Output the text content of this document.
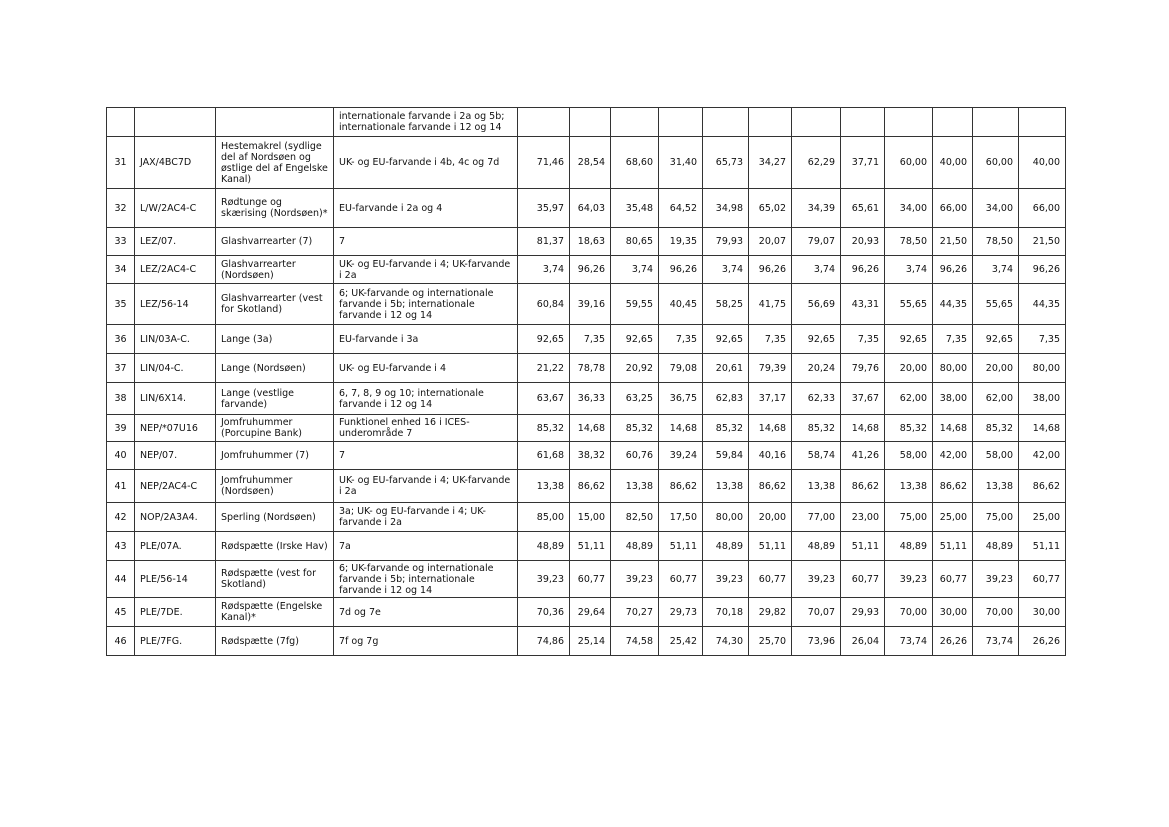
			internationale farvande i 2a og 5b; internationale farvande i 12 og 14												
31	JAX/4BC7D	Hestemakrel (sydlige del af Nordsøen og østlige del af Engelske Kanal)	UK- og EU-farvande i 4b, 4c og 7d	71,46	28,54	68,60	31,40	65,73	34,27	62,29	37,71	60,00	40,00	60,00	40,00
32	L/W/2AC4-C	Rødtunge og skærising (Nordsøen)*	EU-farvande i 2a og 4	35,97	64,03	35,48	64,52	34,98	65,02	34,39	65,61	34,00	66,00	34,00	66,00
33	LEZ/07.	Glashvarrearter (7)	7	81,37	18,63	80,65	19,35	79,93	20,07	79,07	20,93	78,50	21,50	78,50	21,50
34	LEZ/2AC4-C	Glashvarrearter (Nordsøen)	UK- og EU-farvande i 4; UK-farvande i 2a	3,74	96,26	3,74	96,26	3,74	96,26	3,74	96,26	3,74	96,26	3,74	96,26
35	LEZ/56-14	Glashvarrearter (vest for Skotland)	6; UK-farvande og internationale farvande i 5b; internationale farvande i 12 og 14	60,84	39,16	59,55	40,45	58,25	41,75	56,69	43,31	55,65	44,35	55,65	44,35
36	LIN/03A-C.	Lange (3a)	EU-farvande i 3a	92,65	7,35	92,65	7,35	92,65	7,35	92,65	7,35	92,65	7,35	92,65	7,35
37	LIN/04-C.	Lange (Nordsøen)	UK- og EU-farvande i 4	21,22	78,78	20,92	79,08	20,61	79,39	20,24	79,76	20,00	80,00	20,00	80,00
38	LIN/6X14.	Lange (vestlige farvande)	6, 7, 8, 9 og 10; internationale farvande i 12 og 14	63,67	36,33	63,25	36,75	62,83	37,17	62,33	37,67	62,00	38,00	62,00	38,00
39	NEP/*07U16	Jomfruhummer (Porcupine Bank)	Funktionel enhed 16 i ICES-underområde 7	85,32	14,68	85,32	14,68	85,32	14,68	85,32	14,68	85,32	14,68	85,32	14,68
40	NEP/07.	Jomfruhummer (7)	7	61,68	38,32	60,76	39,24	59,84	40,16	58,74	41,26	58,00	42,00	58,00	42,00
41	NEP/2AC4-C	Jomfruhummer (Nordsøen)	UK- og EU-farvande i 4; UK-farvande i 2a	13,38	86,62	13,38	86,62	13,38	86,62	13,38	86,62	13,38	86,62	13,38	86,62
42	NOP/2A3A4.	Sperling (Nordsøen)	3a; UK- og EU-farvande i 4; UK-farvande i 2a	85,00	15,00	82,50	17,50	80,00	20,00	77,00	23,00	75,00	25,00	75,00	25,00
43	PLE/07A.	Rødspætte (Irske Hav)	7a	48,89	51,11	48,89	51,11	48,89	51,11	48,89	51,11	48,89	51,11	48,89	51,11
44	PLE/56-14	Rødspætte (vest for Skotland)	6; UK-farvande og internationale farvande i 5b; internationale farvande i 12 og 14	39,23	60,77	39,23	60,77	39,23	60,77	39,23	60,77	39,23	60,77	39,23	60,77
45	PLE/7DE.	Rødspætte (Engelske Kanal)*	7d og 7e	70,36	29,64	70,27	29,73	70,18	29,82	70,07	29,93	70,00	30,00	70,00	30,00
46	PLE/7FG.	Rødspætte (7fg)	7f og 7g	74,86	25,14	74,58	25,42	74,30	25,70	73,96	26,04	73,74	26,26	73,74	26,26
